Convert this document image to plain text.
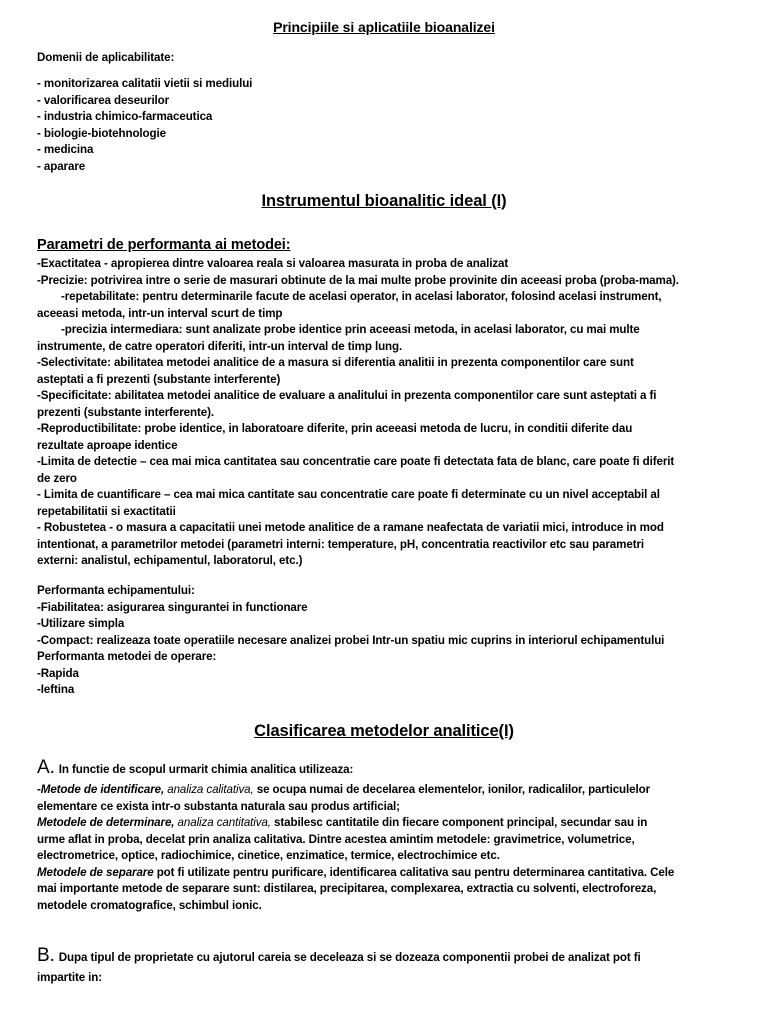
Principiile si aplicatiile bioanalizei
Domenii de aplicabilitate:
- monitorizarea calitatii vietii si mediului
- valorificarea deseurilor
- industria chimico-farmaceutica
- biologie-biotehnologie
- medicina
- aparare
Instrumentul bioanalitic ideal (I)
Parametri de performanta ai metodei:
-Exactitatea - apropierea dintre valoarea reala si valoarea masurata in proba de analizat
-Precizie: potrivirea intre o serie de masurari obtinute de la mai multe probe provinite din aceeasi proba (proba-mama).
-repetabilitate: pentru determinarile facute de acelasi operator, in acelasi laborator, folosind acelasi instrument,
aceeasi metoda, intr-un interval scurt de timp
-precizia intermediara: sunt analizate probe identice prin aceeasi metoda, in acelasi laborator, cu mai multe
instrumente, de catre operatori diferiti, intr-un interval de timp lung.
-Selectivitate: abilitatea metodei analitice de a masura si diferentia analitii in prezenta componentilor care sunt
asteptati a fi prezenti (substante interferente)
-Specificitate: abilitatea metodei analitice de evaluare a analitului in prezenta componentilor care sunt asteptati a fi
prezenti (substante interferente).
-Reproductibilitate: probe identice, in laboratoare diferite, prin aceeasi metoda de lucru, in conditii diferite dau
rezultate aproape identice
-Limita de detectie – cea mai mica cantitatea sau concentratie care poate fi detectata fata de blanc, care poate fi diferit
de zero
- Limita de cuantificare – cea mai mica cantitate sau concentratie care poate fi determinate cu un nivel acceptabil al
repetabilitatii si exactitatii
- Robustetea - o masura a capacitatii unei metode analitice de a ramane neafectata de variatii mici, introduce in mod
intentionat, a parametrilor metodei (parametri interni: temperature, pH, concentratia reactivilor etc sau parametri
externi: analistul, echipamentul, laboratorul, etc.)
Performanta echipamentului:
-Fiabilitatea: asigurarea singurantei in functionare
-Utilizare simpla
-Compact: realizeaza toate operatiile necesare analizei probei Intr-un spatiu mic cuprins in interiorul echipamentului
Performanta metodei de operare:
-Rapida
-Ieftina
Clasificarea metodelor analitice(I)
A. In functie de scopul urmarit chimia analitica utilizeaza:
-Metode de identificare, analiza calitativa, se ocupa numai de decelarea elementelor, ionilor, radicalilor, particulelor
elementare ce exista intr-o substanta naturala sau produs artificial;
Metodele de determinare, analiza cantitativa, stabilesc cantitatile din fiecare component principal, secundar sau in
urme aflat in proba, decelat prin analiza calitativa. Dintre acestea amintim metodele: gravimetrice, volumetrice,
electrometrice, optice, radiochimice, cinetice, enzimatice, termice, electrochimice etc.
Metodele de separare pot fi utilizate pentru purificare, identificarea calitativa sau pentru determinarea cantitativa. Cele
mai importante metode de separare sunt: distilarea, precipitarea, complexarea, extractia cu solventi, electroforeza,
metodele cromatografice, schimbul ionic.
B. Dupa tipul de proprietate cu ajutorul careia se deceleaza si se dozeaza componentii probei de analizat pot fi
impartite in:
